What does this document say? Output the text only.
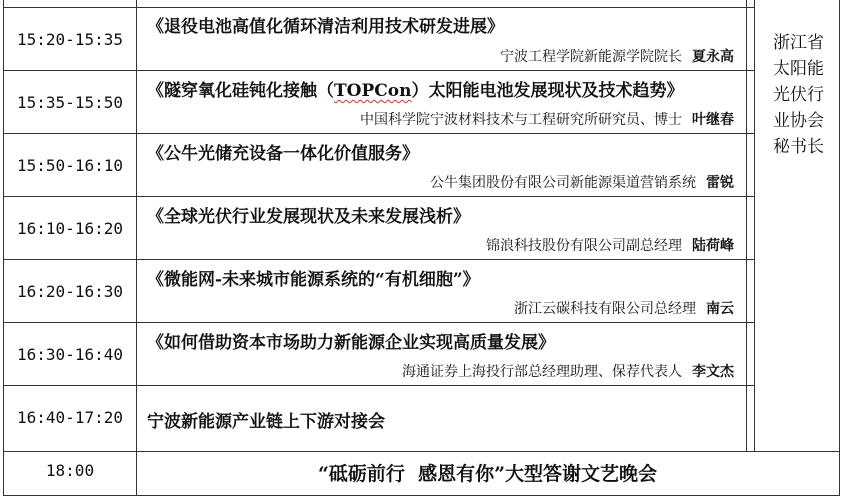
15:20-15:35
《退役电池高值化循环清洁利用技术研发进展》
宁波工程学院新能源学院院长 夏永高
15:35-15:50
《隧穿氧化硅钝化接触（TOPCon）太阳能电池发展现状及技术趋势》
中国科学院宁波材料技术与工程研究所研究员、博士 叶继春
15:50-16:10
《公牛光储充设备一体化价值服务》
公牛集团股份有限公司新能源渠道营销系统 雷锐
16:10-16:20
《全球光伏行业发展现状及未来发展浅析》
锦浪科技股份有限公司副总经理 陆荷峰
16:20-16:30
《微能网-未来城市能源系统的“有机细胞”》
浙江云碳科技有限公司总经理 南云
16:30-16:40
《如何借助资本市场助力新能源企业实现高质量发展》
海通证券上海投行部总经理助理、保荐代表人 李文杰
16:40-17:20	宁波新能源产业链上下游对接会
浙江省
太阳能
光伏行
业协会
秘书长
18:00	“砥砺前行  感恩有你”大型答谢文艺晚会
